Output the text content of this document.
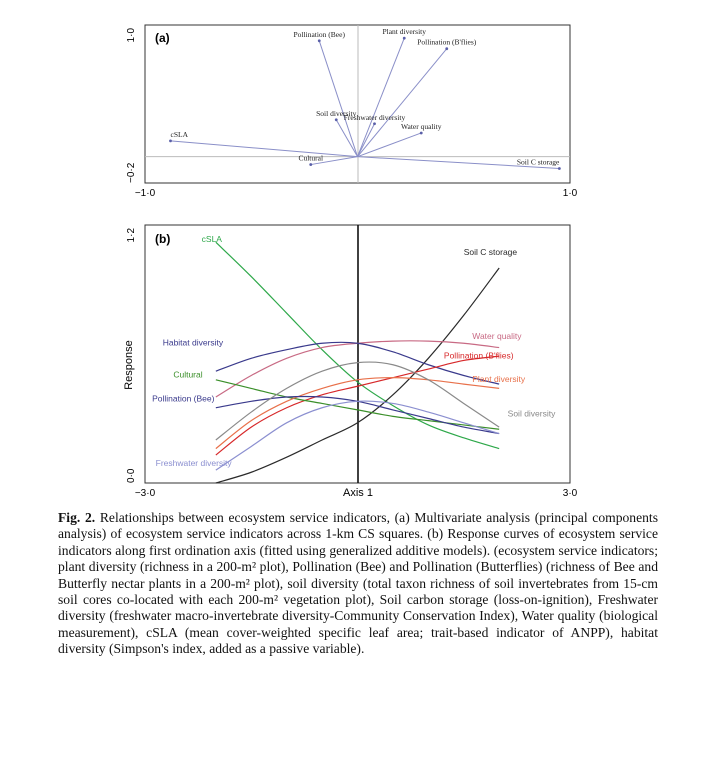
(a)
1·0
−0·2
−1·0	1·0
Pollination (Bee)	Plant diversity
Pollination (B'flies)
Soil diversity
Freshwater diversity
Water quality
cSLA
Cultural	Soil C storage
(b)
1·2
0·0
Response
−3·0	Axis 1	3·0
cSLA
Soil C storage
Water quality
Habitat diversity
Pollination (B'flies)
Cultural	Plant diversity
Pollination (Bee)
Soil diversity
Freshwater diversity
Fig. 2. Relationships between ecosystem service indicators, (a) Multivariate analysis (principal components analysis) of ecosystem service indicators across 1-km CS squares. (b) Response curves of ecosystem service indicators along first ordination axis (fitted using generalized additive models). (ecosystem service indicators; plant diversity (richness in a 200-m² plot), Pollination (Bee) and Pollination (Butterflies) (richness of Bee and Butterfly nectar plants in a 200-m² plot), soil diversity (total taxon richness of soil invertebrates from 15-cm soil cores co-located with each 200-m² vegetation plot), Soil carbon storage (loss-on-ignition), Freshwater diversity (freshwater macro-invertebrate diversity-Community Conservation Index), Water quality (biological measurement), cSLA (mean cover-weighted specific leaf area; trait-based indicator of ANPP), habitat diversity (Simpson's index, added as a passive variable).
